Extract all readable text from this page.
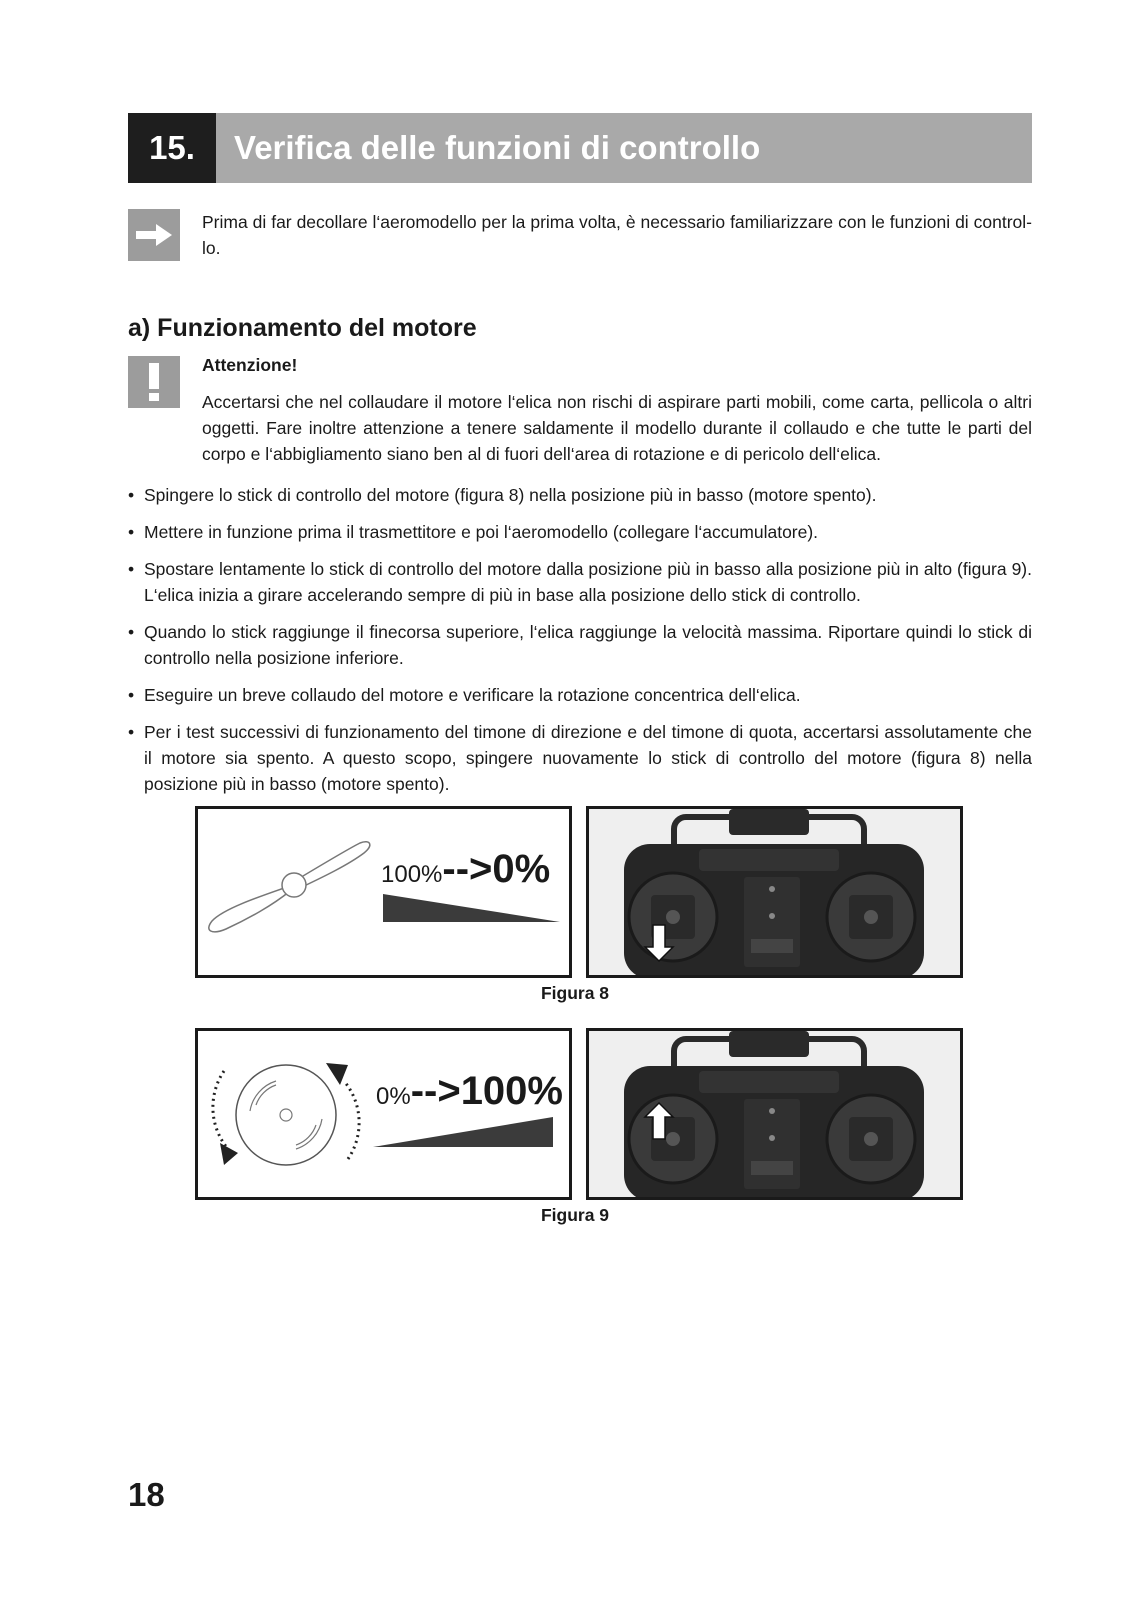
15.	Verifica delle funzioni di controllo

Prima di far decollare l‘aeromodello per la prima volta, è necessario familiarizzare con le funzioni di control-lo.

a) Funzionamento del motore
Attenzione!

Accertarsi che nel collaudare il motore l‘elica non rischi di aspirare parti mobili, come carta, pellicola o altri oggetti. Fare inoltre attenzione a tenere saldamente il modello durante il collaudo e che tutte le parti del corpo e l‘abbigliamento siano ben al di fuori dell‘area di rotazione e di pericolo dell‘elica.

• Spingere lo stick di controllo del motore (figura 8) nella posizione più in basso (motore spento).
• Mettere in funzione prima il trasmettitore e poi l‘aeromodello (collegare l‘accumulatore).
• Spostare lentamente lo stick di controllo del motore dalla posizione più in basso alla posizione più in alto (figura 9). L‘elica inizia a girare accelerando sempre di più in base alla posizione dello stick di controllo.
• Quando lo stick raggiunge il finecorsa superiore, l‘elica raggiunge la velocità massima. Riportare quindi lo stick di controllo nella posizione inferiore.
• Eseguire un breve collaudo del motore e verificare la rotazione concentrica dell‘elica.
• Per i test successivi di funzionamento del timone di direzione e del timone di quota, accertarsi assolutamente che il motore sia spento. A questo scopo, spingere nuovamente lo stick di controllo del motore (figura 8) nella posizione più in basso (motore spento).
100%-->0%
Figura 8
0%-->100%
Figura 9
18
